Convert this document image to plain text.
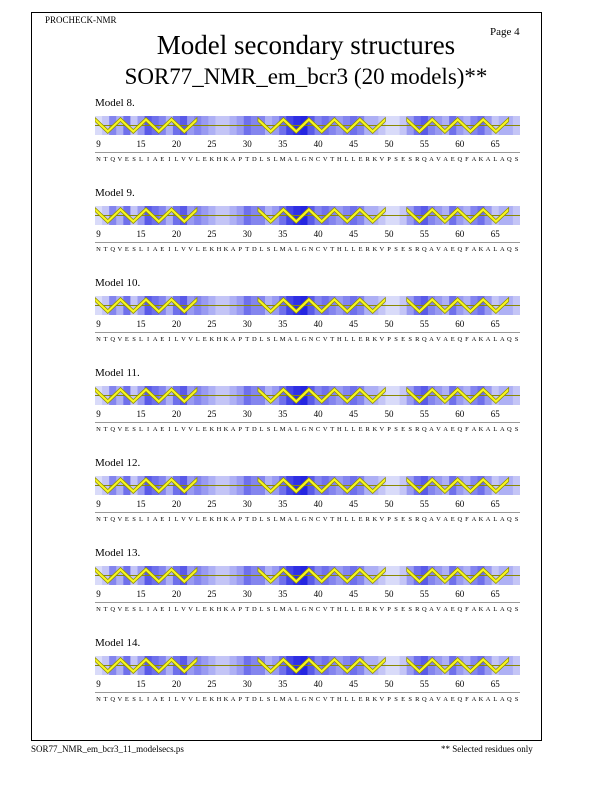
PROCHECK-NMR
Page 4
Model secondary structures
SOR77_NMR_em_bcr3 (20 models)**
Model 8.
9	15	20	25	30	35	40	45	50	55	60	65
N T Q V E S L I A E I L V V L E K H K A P T D L S L M A L G N C V T H L L E R K V P S E S R Q A V A E Q F A K A L A Q S
Model 9.
9	15	20	25	30	35	40	45	50	55	60	65
N T Q V E S L I A E I L V V L E K H K A P T D L S L M A L G N C V T H L L E R K V P S E S R Q A V A E Q F A K A L A Q S
Model 10.
9	15	20	25	30	35	40	45	50	55	60	65
N T Q V E S L I A E I L V V L E K H K A P T D L S L M A L G N C V T H L L E R K V P S E S R Q A V A E Q F A K A L A Q S
Model 11.
9	15	20	25	30	35	40	45	50	55	60	65
N T Q V E S L I A E I L V V L E K H K A P T D L S L M A L G N C V T H L L E R K V P S E S R Q A V A E Q F A K A L A Q S
Model 12.
9	15	20	25	30	35	40	45	50	55	60	65
N T Q V E S L I A E I L V V L E K H K A P T D L S L M A L G N C V T H L L E R K V P S E S R Q A V A E Q F A K A L A Q S
Model 13.
9	15	20	25	30	35	40	45	50	55	60	65
N T Q V E S L I A E I L V V L E K H K A P T D L S L M A L G N C V T H L L E R K V P S E S R Q A V A E Q F A K A L A Q S
Model 14.
9	15	20	25	30	35	40	45	50	55	60	65
N T Q V E S L I A E I L V V L E K H K A P T D L S L M A L G N C V T H L L E R K V P S E S R Q A V A E Q F A K A L A Q S
SOR77_NMR_em_bcr3_11_modelsecs.ps	** Selected residues only
